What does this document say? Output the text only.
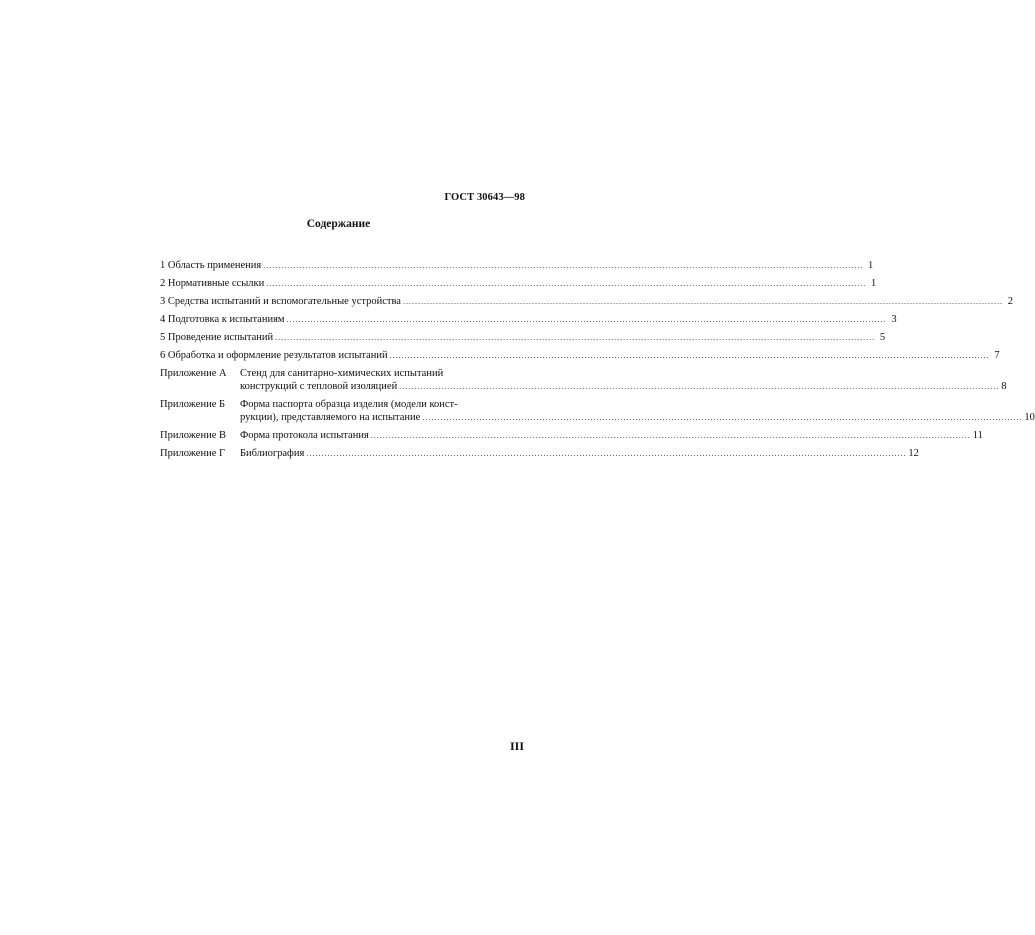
ГОСТ 30643—98
Содержание
1 Область применения ........................................................................................................................................................................................................ 1
2 Нормативные ссылки ........................................................................................................................................................................................................ 1
3 Средства испытаний и вспомогательные устройства ........................................................................................................................................................................................................ 2
4 Подготовка к испытаниям ........................................................................................................................................................................................................ 3
5 Проведение испытаний ........................................................................................................................................................................................................ 5
6 Обработка и оформление результатов испытаний ........................................................................................................................................................................................................ 7
Приложение А	Стенд для санитарно-химических испытаний
конструкций с тепловой изоляцией ........................................................................................................................................................................................................ 8
Приложение Б	Форма паспорта образца изделия (модели конст-
рукции), представляемого на испытание ........................................................................................................................................................................................................ 10
Приложение В	Форма протокола испытания ........................................................................................................................................................................................................ 11
Приложение Г	Библиография ........................................................................................................................................................................................................ 12
III
